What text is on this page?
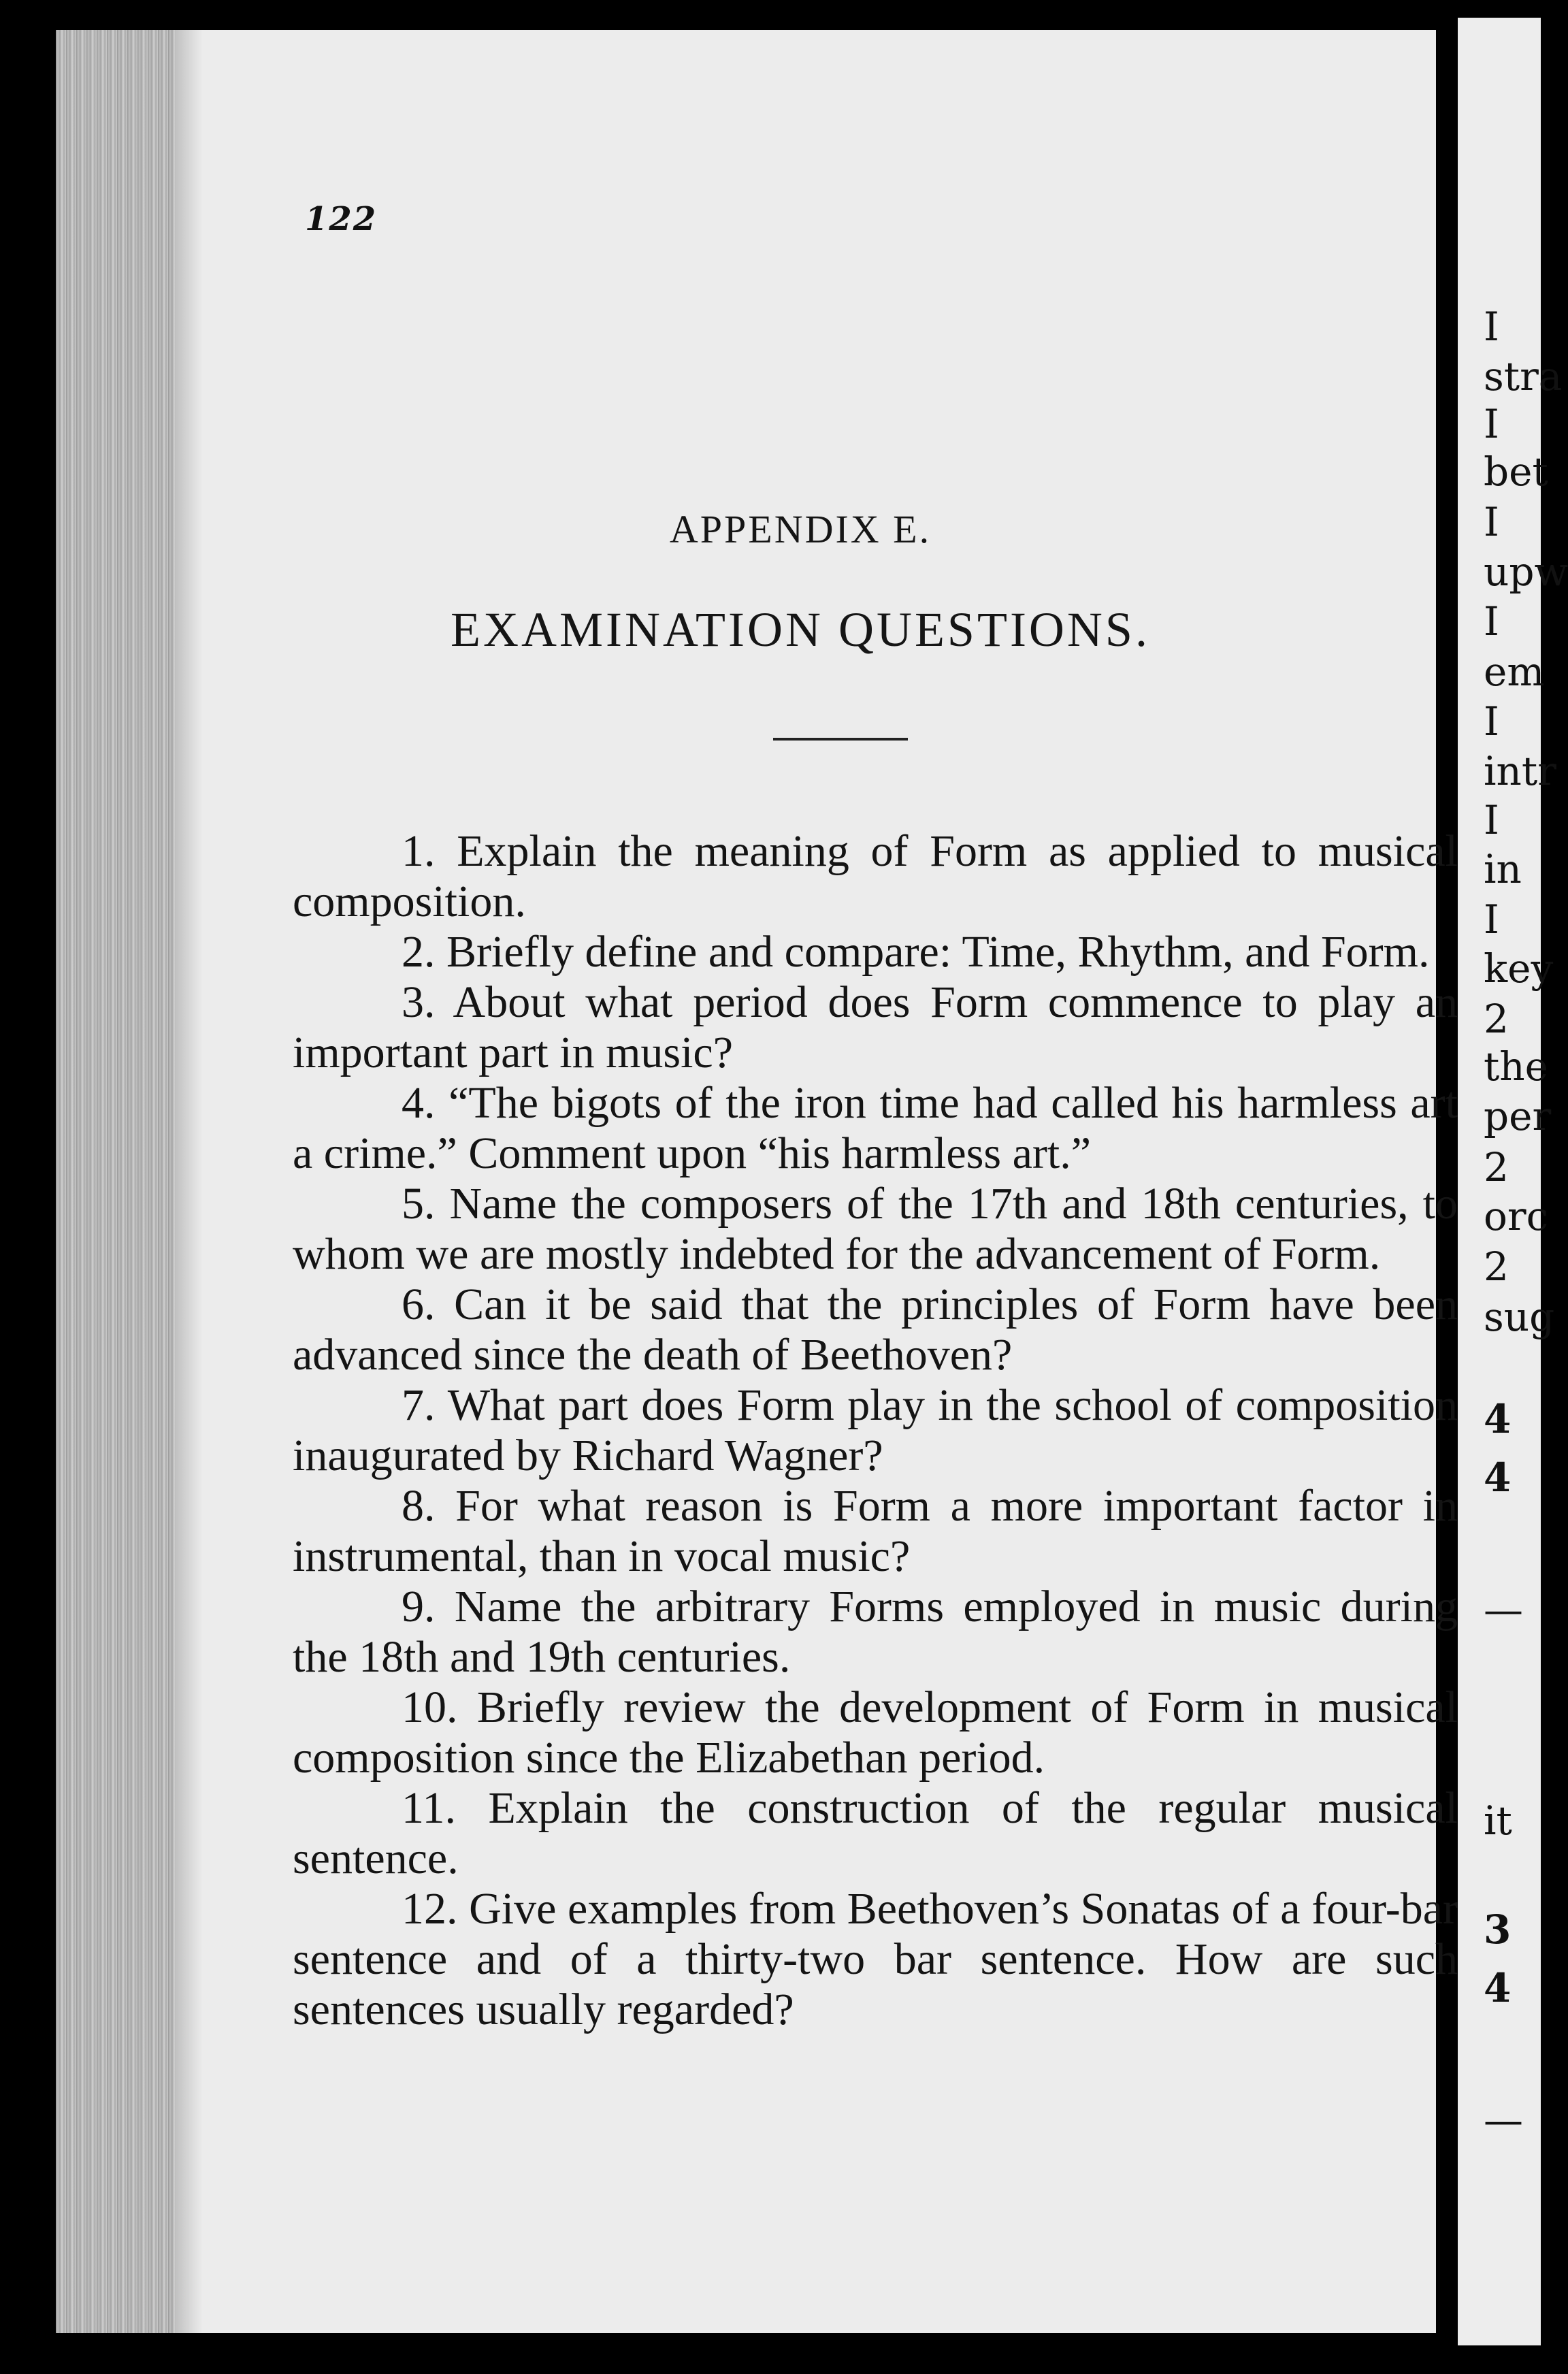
122
APPENDIX E.
EXAMINATION QUESTIONS.

1. Explain the meaning of Form as applied to musical composition.

2. Briefly define and compare: Time, Rhythm, and Form.

3. About what period does Form commence to play an important part in music?

4. “The bigots of the iron time had called his harmless art a crime.” Comment upon “his harmless art.”

5. Name the composers of the 17th and 18th centuries, to whom we are mostly indebted for the advancement of Form.

6. Can it be said that the principles of Form have been advanced since the death of Beethoven?

7. What part does Form play in the school of composition inaugurated by Richard Wagner?

8. For what reason is Form a more important factor in instrumental, than in vocal music?

9. Name the arbitrary Forms employed in music during the 18th and 19th centuries.

10. Briefly review the development of Form in musical composition since the Elizabethan period.

11. Explain the construction of the regular musical sentence.

12. Give examples from Beethoven’s Sonatas of a four-bar sentence and of a thirty-two bar sentence. How are such sentences usually regarded?

I
stra
I
bet
I
upw
I
em
I
intr
I
in
I
key
2
the
per
2
orc
2
sug
4
4
—
it
3
4
—
